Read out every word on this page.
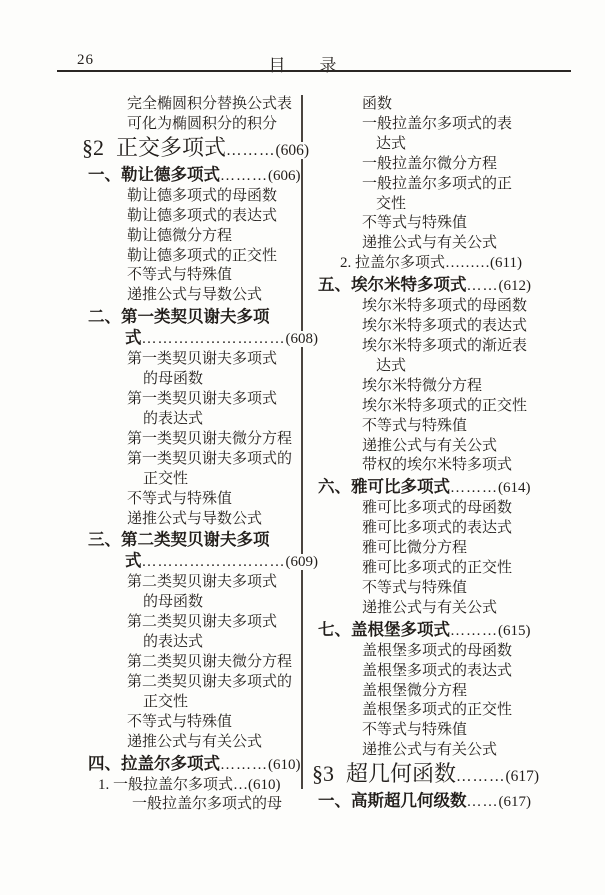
26	目　　录
完全椭圆积分替换公式表
可化为椭圆积分的积分
§2 正交多项式………(606)
一、勒让德多项式………(606)
勒让德多项式的母函数
勒让德多项式的表达式
勒让德微分方程
勒让德多项式的正交性
不等式与特殊值
递推公式与导数公式
二、第一类契贝谢夫多项
式………………………(608)
第一类契贝谢夫多项式
的母函数
第一类契贝谢夫多项式
的表达式
第一类契贝谢夫微分方程
第一类契贝谢夫多项式的
正交性
不等式与特殊值
递推公式与导数公式
三、第二类契贝谢夫多项
式………………………(609)
第二类契贝谢夫多项式
的母函数
第二类契贝谢夫多项式
的表达式
第二类契贝谢夫微分方程
第二类契贝谢夫多项式的
正交性
不等式与特殊值
递推公式与有关公式
四、拉盖尔多项式………(610)
1. 一般拉盖尔多项式…(610)
一般拉盖尔多项式的母
函数
一般拉盖尔多项式的表
达式
一般拉盖尔微分方程
一般拉盖尔多项式的正
交性
不等式与特殊值
递推公式与有关公式
2. 拉盖尔多项式………(611)
五、埃尔米特多项式……(612)
埃尔米特多项式的母函数
埃尔米特多项式的表达式
埃尔米特多项式的渐近表
达式
埃尔米特微分方程
埃尔米特多项式的正交性
不等式与特殊值
递推公式与有关公式
带权的埃尔米特多项式
六、雅可比多项式………(614)
雅可比多项式的母函数
雅可比多项式的表达式
雅可比微分方程
雅可比多项式的正交性
不等式与特殊值
递推公式与有关公式
七、盖根堡多项式………(615)
盖根堡多项式的母函数
盖根堡多项式的表达式
盖根堡微分方程
盖根堡多项式的正交性
不等式与特殊值
递推公式与有关公式
§3 超几何函数………(617)
一、高斯超几何级数……(617)
